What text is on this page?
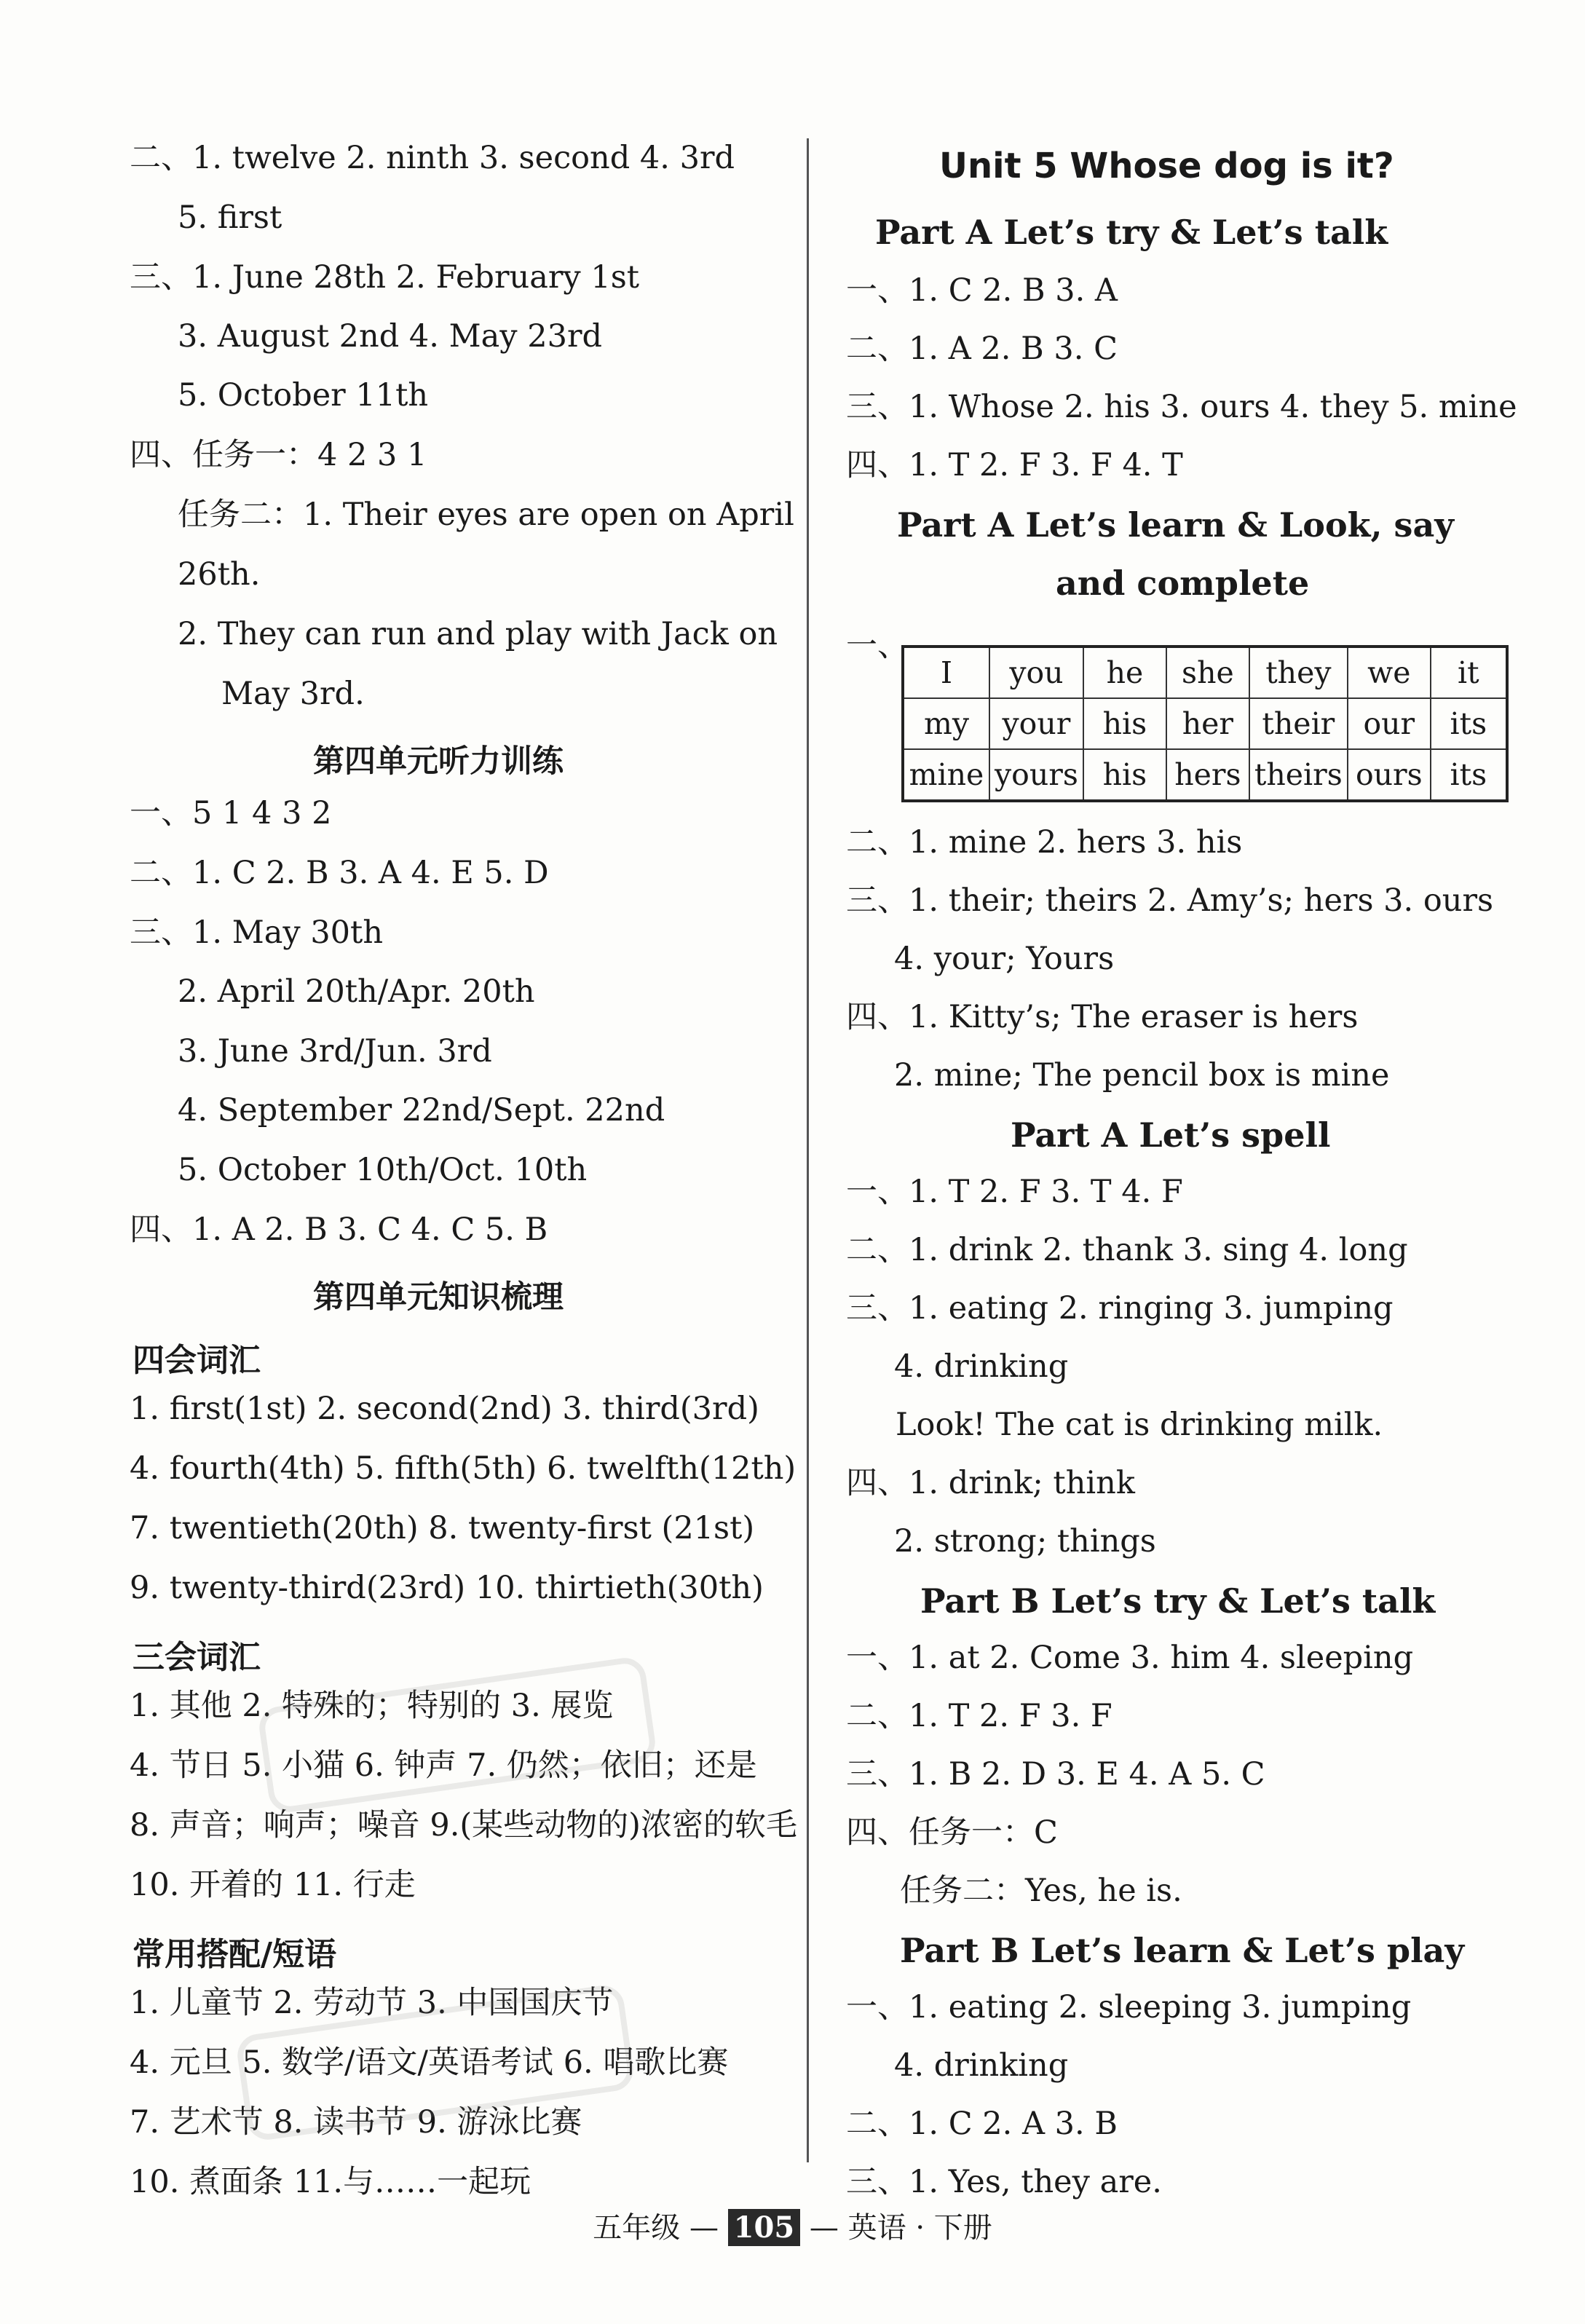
二、1. twelve 2. ninth 3. second 4. 3rd
5. first
三、1. June 28th 2. February 1st
3. August 2nd 4. May 23rd
5. October 11th
四、任务一：4 2 3 1
任务二：1. Their eyes are open on April
26th.
2. They can run and play with Jack on
May 3rd.
第四单元听力训练
一、5 1 4 3 2
二、1. C 2. B 3. A 4. E 5. D
三、1. May 30th
2. April 20th/Apr. 20th
3. June 3rd/Jun. 3rd
4. September 22nd/Sept. 22nd
5. October 10th/Oct. 10th
四、1. A 2. B 3. C 4. C 5. B
第四单元知识梳理
四会词汇
1. first(1st) 2. second(2nd) 3. third(3rd)
4. fourth(4th) 5. fifth(5th) 6. twelfth(12th)
7. twentieth(20th) 8. twenty-first (21st)
9. twenty-third(23rd) 10. thirtieth(30th)
三会词汇
1. 其他 2. 特殊的；特别的 3. 展览
4. 节日 5. 小猫 6. 钟声 7. 仍然；依旧；还是
8. 声音；响声；噪音 9.(某些动物的)浓密的软毛
10. 开着的 11. 行走
常用搭配/短语
1. 儿童节 2. 劳动节 3. 中国国庆节
4. 元旦 5. 数学/语文/英语考试 6. 唱歌比赛
7. 艺术节 8. 读书节 9. 游泳比赛
10. 煮面条 11.与……一起玩
Unit 5 Whose dog is it?
Part A Let’s try & Let’s talk
一、1. C 2. B 3. A
二、1. A 2. B 3. C
三、1. Whose 2. his 3. ours 4. they 5. mine
四、1. T 2. F 3. F 4. T
Part A Let’s learn & Look, say
and complete
一、
I	you	he	she	they	we	it
my	your	his	her	their	our	its
mine	yours	his	hers	theirs	ours	its
二、1. mine 2. hers 3. his
三、1. their; theirs 2. Amy’s; hers 3. ours
4. your; Yours
四、1. Kitty’s; The eraser is hers
2. mine; The pencil box is mine
Part A Let’s spell
一、1. T 2. F 3. T 4. F
二、1. drink 2. thank 3. sing 4. long
三、1. eating 2. ringing 3. jumping
4. drinking
Look! The cat is drinking milk.
四、1. drink; think
2. strong; things
Part B Let’s try & Let’s talk
一、1. at 2. Come 3. him 4. sleeping
二、1. T 2. F 3. F
三、1. B 2. D 3. E 4. A 5. C
四、任务一：C
任务二：Yes, he is.
Part B Let’s learn & Let’s play
一、1. eating 2. sleeping 3. jumping
4. drinking
二、1. C 2. A 3. B
三、1. Yes, they are.
五年级 — 105 — 英语 · 下册
